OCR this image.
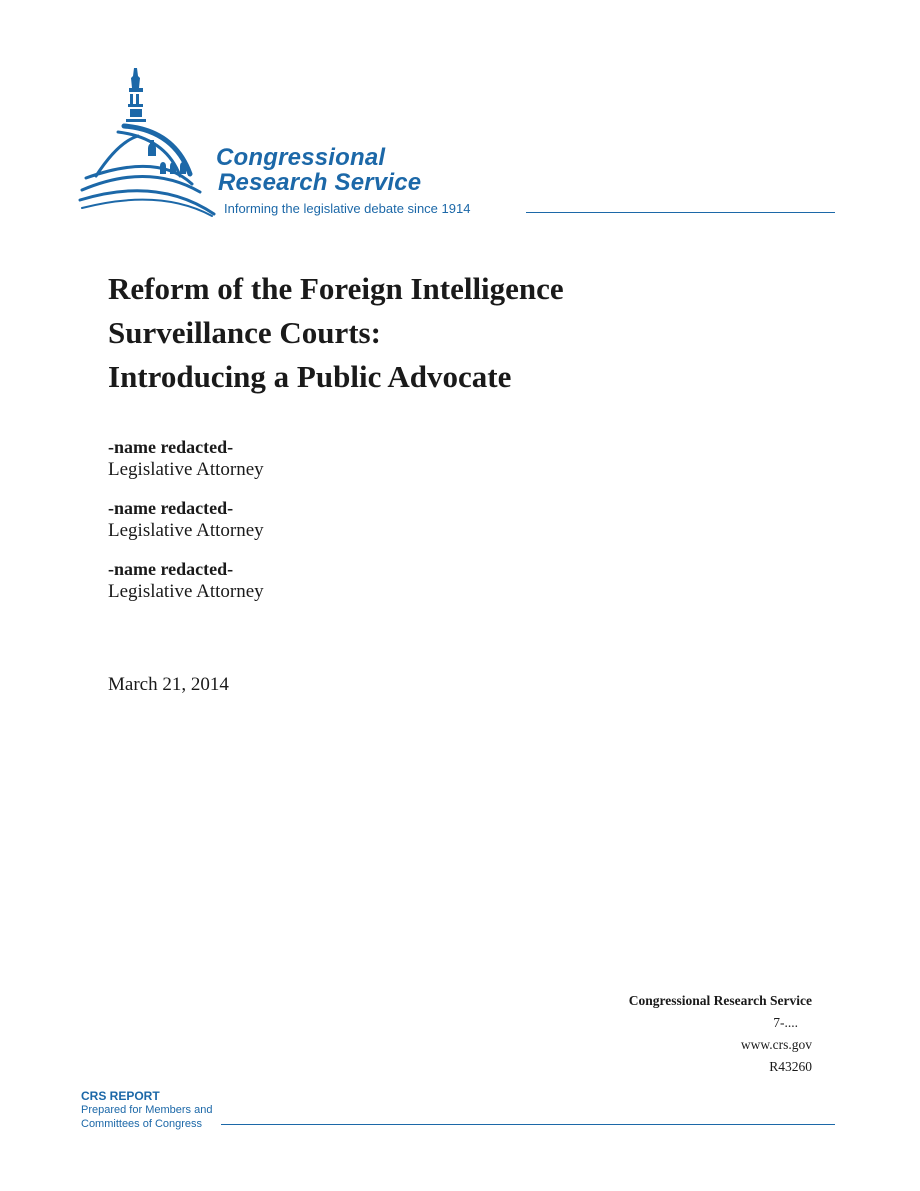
Congressional
Research Service
Informing the legislative debate since 1914
Reform of the Foreign Intelligence
Surveillance Courts:
Introducing a Public Advocate
-name redacted-
Legislative Attorney
-name redacted-
Legislative Attorney
-name redacted-
Legislative Attorney
March 21, 2014
Congressional Research Service
7-....
www.crs.gov
R43260
CRS REPORT
Prepared for Members and
Committees of Congress
